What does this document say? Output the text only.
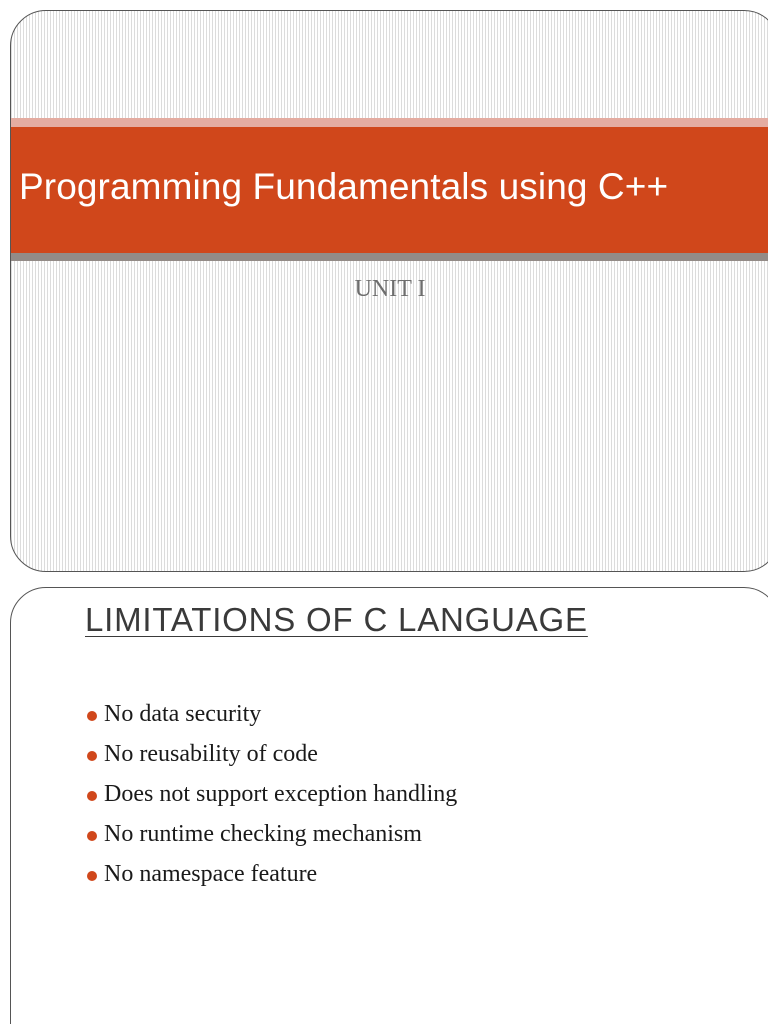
Programming Fundamentals using C++

UNIT I

LIMITATIONS OF C LANGUAGE
No data security
No reusability of code
Does not support exception handling
No runtime checking mechanism
No namespace feature
